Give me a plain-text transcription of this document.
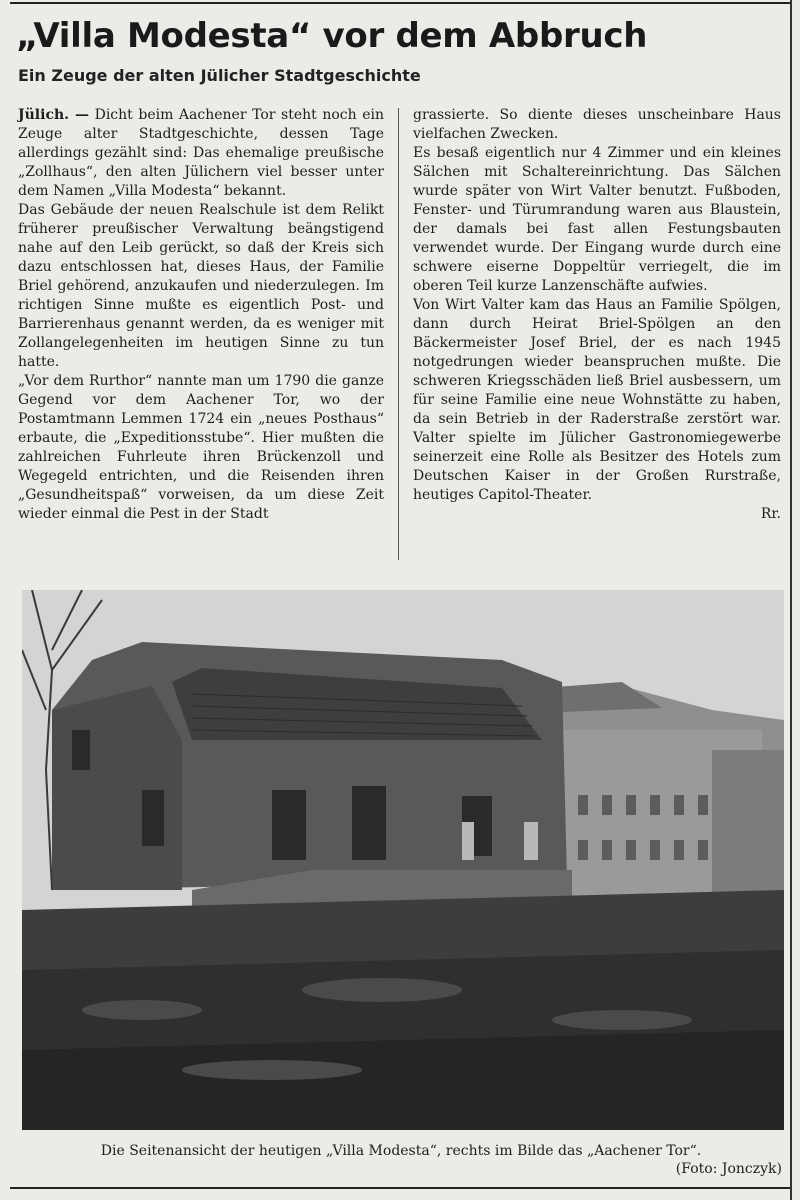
„Villa Modesta“ vor dem Abbruch
Ein Zeuge der alten Jülicher Stadtgeschichte

Jülich. — Dicht beim Aachener Tor steht noch ein Zeuge alter Stadtgeschichte, dessen Tage allerdings gezählt sind: Das ehemalige preußische „Zollhaus“, den alten Jülichern viel besser unter dem Namen „Villa Modesta“ bekannt.

Das Gebäude der neuen Realschule ist dem Relikt früherer preußischer Verwaltung beängstigend nahe auf den Leib gerückt, so daß der Kreis sich dazu entschlossen hat, dieses Haus, der Familie Briel gehörend, anzukaufen und niederzulegen. Im richtigen Sinne mußte es eigentlich Post- und Barrierenhaus genannt werden, da es weniger mit Zollangelegenheiten im heutigen Sinne zu tun hatte.

„Vor dem Rurthor“ nannte man um 1790 die ganze Gegend vor dem Aachener Tor, wo der Postamtmann Lemmen 1724 ein „neues Posthaus“ erbaute, die „Expeditionsstube“. Hier mußten die zahlreichen Fuhrleute ihren Brückenzoll und Wegegeld entrichten, und die Reisenden ihren „Gesundheitspaß“ vorweisen, da um diese Zeit wieder einmal die Pest in der Stadt

grassierte. So diente dieses unscheinbare Haus vielfachen Zwecken.

Es besaß eigentlich nur 4 Zimmer und ein kleines Sälchen mit Schaltereinrichtung. Das Sälchen wurde später von Wirt Valter benutzt. Fußboden, Fenster- und Türumrandung waren aus Blaustein, der damals bei fast allen Festungsbauten verwendet wurde. Der Eingang wurde durch eine schwere eiserne Doppeltür verriegelt, die im oberen Teil kurze Lanzenschäfte aufwies.

Von Wirt Valter kam das Haus an Familie Spölgen, dann durch Heirat Briel-Spölgen an den Bäckermeister Josef Briel, der es nach 1945 notgedrungen wieder beanspruchen mußte. Die schweren Kriegsschäden ließ Briel ausbessern, um für seine Familie eine neue Wohnstätte zu haben, da sein Betrieb in der Raderstraße zerstört war. Valter spielte im Jülicher Gastronomiegewerbe seinerzeit eine Rolle als Besitzer des Hotels zum Deutschen Kaiser in der Großen Rurstraße, heutiges Capitol-Theater.

Rr.

Die Seitenansicht der heutigen „Villa Modesta“, rechts im Bilde das „Aachener Tor“.

(Foto: Jonczyk)
